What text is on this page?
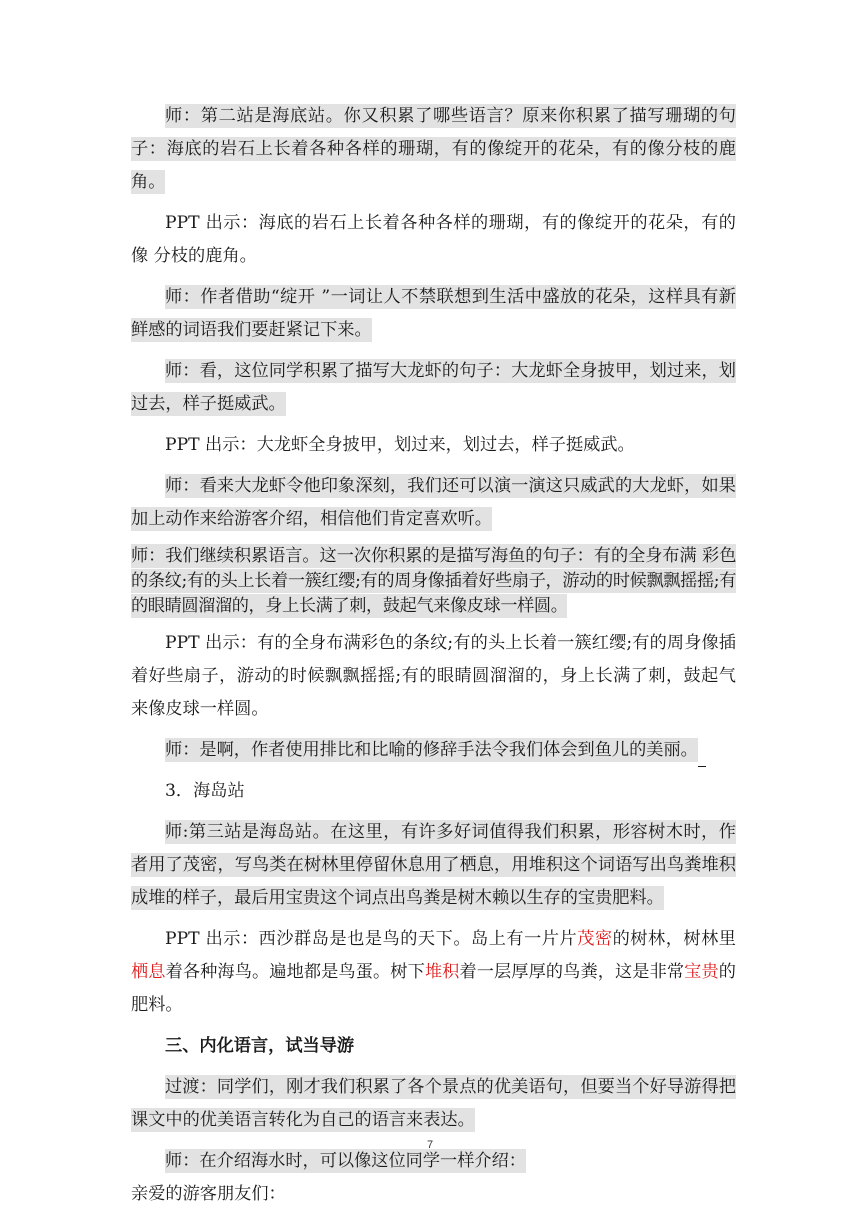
师：第二站是海底站。你又积累了哪些语言？原来你积累了描写珊瑚的句子：海底的岩石上长着各种各样的珊瑚，有的像绽开的花朵，有的像分枝的鹿角。

PPT 出示：海底的岩石上长着各种各样的珊瑚，有的像绽开的花朵，有的像 分枝的鹿角。

师：作者借助“绽开 ”一词让人不禁联想到生活中盛放的花朵，这样具有新 鲜感的词语我们要赶紧记下来。

师：看，这位同学积累了描写大龙虾的句子：大龙虾全身披甲，划过来，划 过去，样子挺威武。

PPT 出示：大龙虾全身披甲，划过来，划过去，样子挺威武。

师：看来大龙虾令他印象深刻，我们还可以演一演这只威武的大龙虾，如果 加上动作来给游客介绍，相信他们肯定喜欢听。

师：我们继续积累语言。这一次你积累的是描写海鱼的句子：有的全身布满 彩色的条纹;有的头上长着一簇红缨;有的周身像插着好些扇子，游动的时候飘飘摇摇;有的眼睛圆溜溜的，身上长满了刺，鼓起气来像皮球一样圆。

PPT 出示：有的全身布满彩色的条纹;有的头上长着一簇红缨;有的周身像插着好些扇子，游动的时候飘飘摇摇;有的眼睛圆溜溜的，身上长满了刺，鼓起气来像皮球一样圆。

师：是啊，作者使用排比和比喻的修辞手法令我们体会到鱼儿的美丽。

3．海岛站

师:第三站是海岛站。在这里，有许多好词值得我们积累，形容树木时，作者用了茂密，写鸟类在树林里停留休息用了栖息，用堆积这个词语写出鸟粪堆积成堆的样子，最后用宝贵这个词点出鸟粪是树木赖以生存的宝贵肥料。

PPT 出示：西沙群岛是也是鸟的天下。岛上有一片片茂密的树林，树林里栖息着各种海鸟。遍地都是鸟蛋。树下堆积着一层厚厚的鸟粪，这是非常宝贵的肥料。

三、内化语言，试当导游

过渡：同学们，刚才我们积累了各个景点的优美语句，但要当个好导游得把课文中的优美语言转化为自己的语言来表达。

师：在介绍海水时，可以像这位同学一样介绍：

亲爱的游客朋友们：

7
